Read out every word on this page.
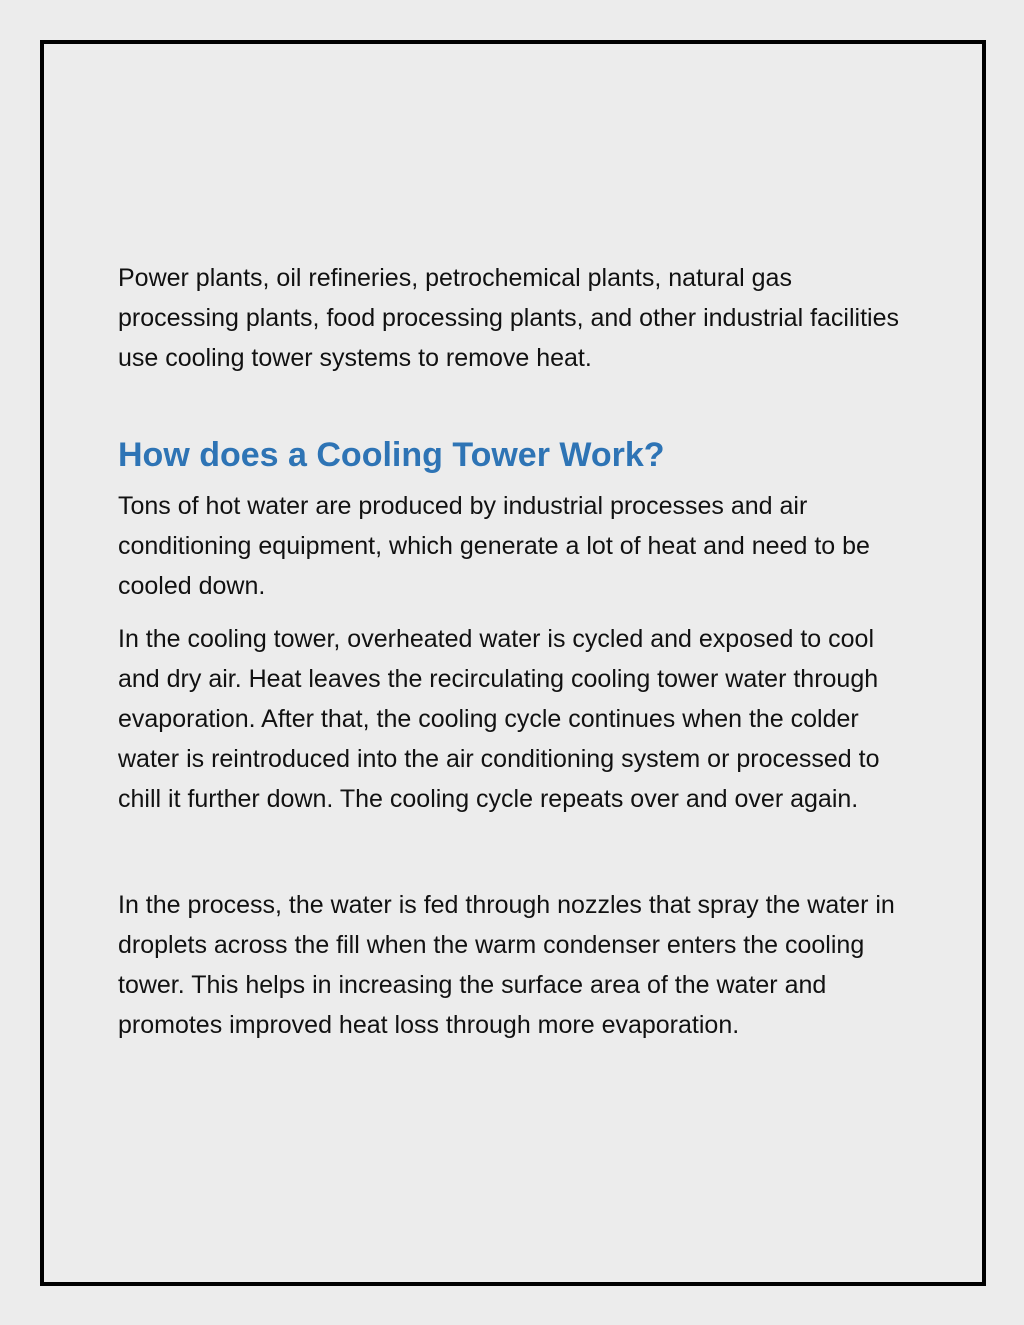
Power plants, oil refineries, petrochemical plants, natural gas processing plants, food processing plants, and other industrial facilities use cooling tower systems to remove heat.

How does a Cooling Tower Work?

Tons of hot water are produced by industrial processes and air conditioning equipment, which generate a lot of heat and need to be cooled down.

In the cooling tower, overheated water is cycled and exposed to cool and dry air. Heat leaves the recirculating cooling tower water through evaporation. After that, the cooling cycle continues when the colder water is reintroduced into the air conditioning system or processed to chill it further down. The cooling cycle repeats over and over again.

In the process, the water is fed through nozzles that spray the water in droplets across the fill when the warm condenser enters the cooling tower. This helps in increasing the surface area of the water and promotes improved heat loss through more evaporation.
